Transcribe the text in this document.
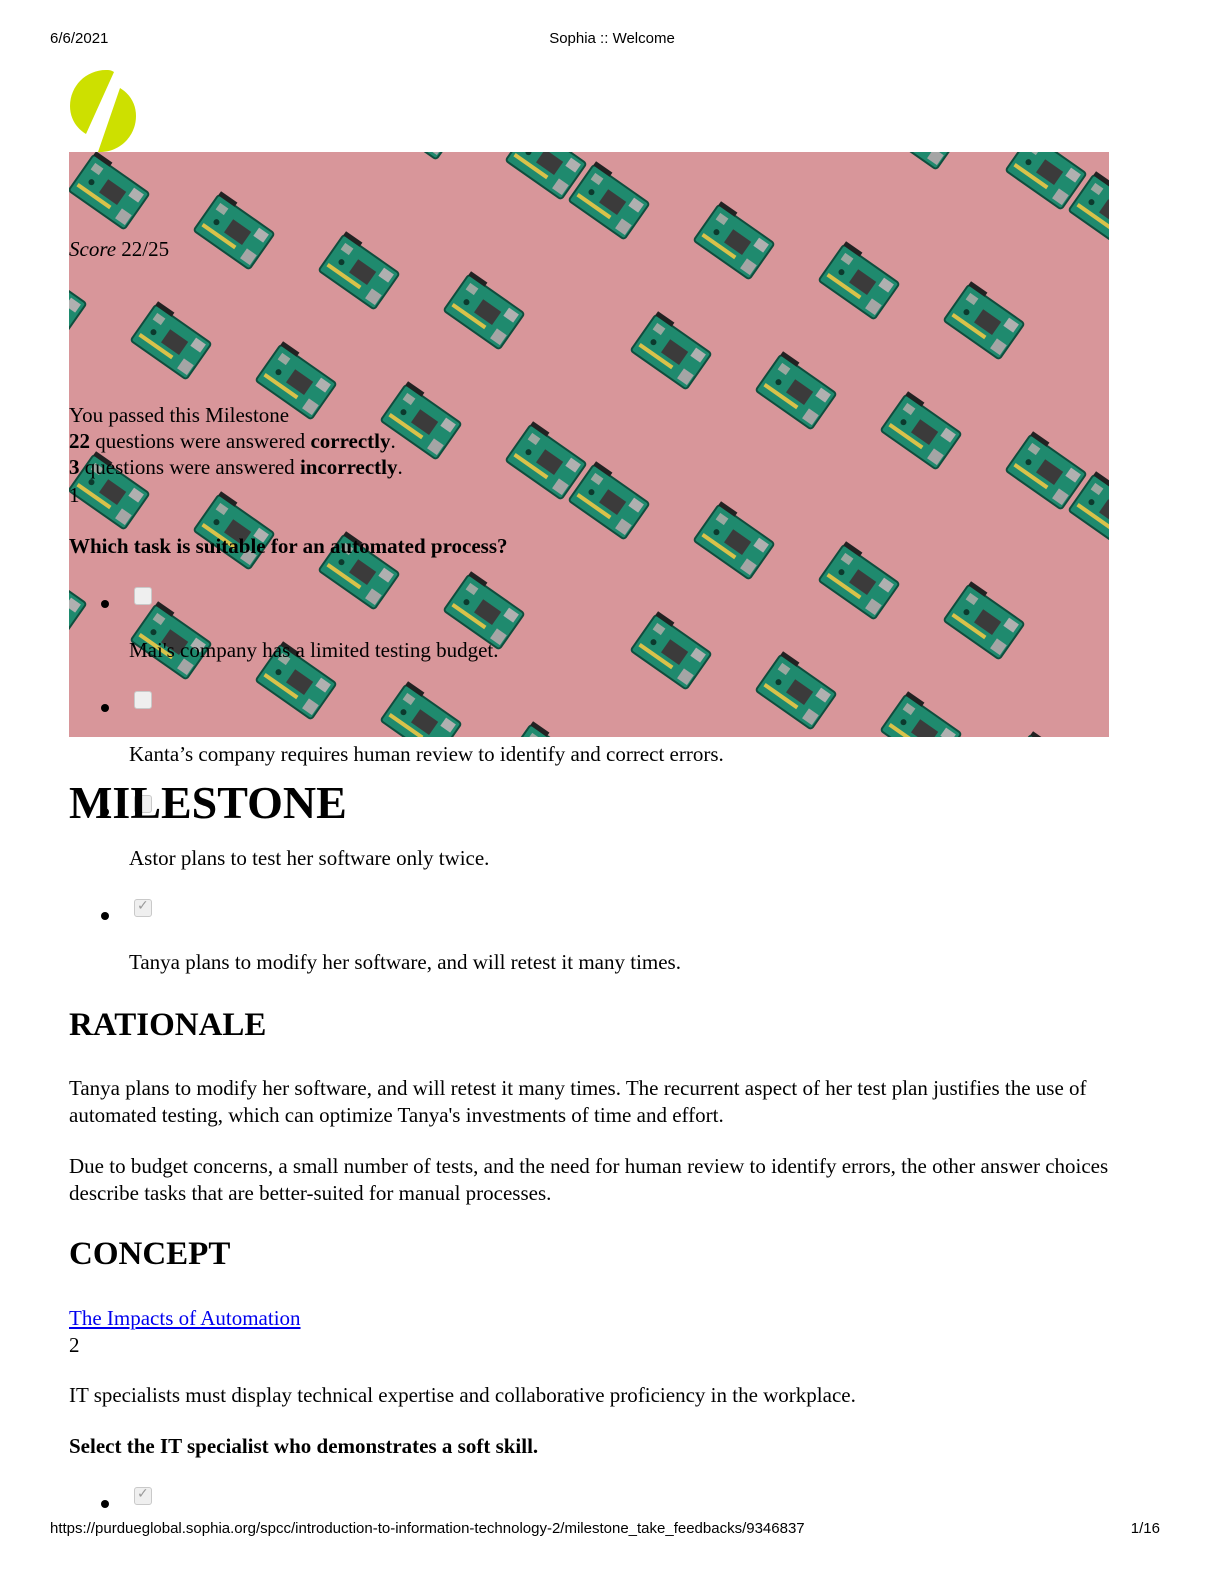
6/6/2021	Sophia :: Welcome
Score 22/25
You passed this Milestone
22 questions were answered correctly.
3 questions were answered incorrectly.
1
Which task is suitable for an automated process?
Mai's company has a limited testing budget.
Kanta’s company requires human review to identify and correct errors.
Astor plans to test her software only twice.
✓
Tanya plans to modify her software, and will retest it many times.
MILESTONE
RATIONALE
Tanya plans to modify her software, and will retest it many times. The recurrent aspect of her test plan justifies the use of automated testing, which can optimize Tanya's investments of time and effort.
Due to budget concerns, a small number of tests, and the need for human review to identify errors, the other answer choices describe tasks that are better-suited for manual processes.
CONCEPT
The Impacts of Automation
2
IT specialists must display technical expertise and collaborative proficiency in the workplace.
Select the IT specialist who demonstrates a soft skill.
✓
https://purdueglobal.sophia.org/spcc/introduction-to-information-technology-2/milestone_take_feedbacks/9346837	1/16
